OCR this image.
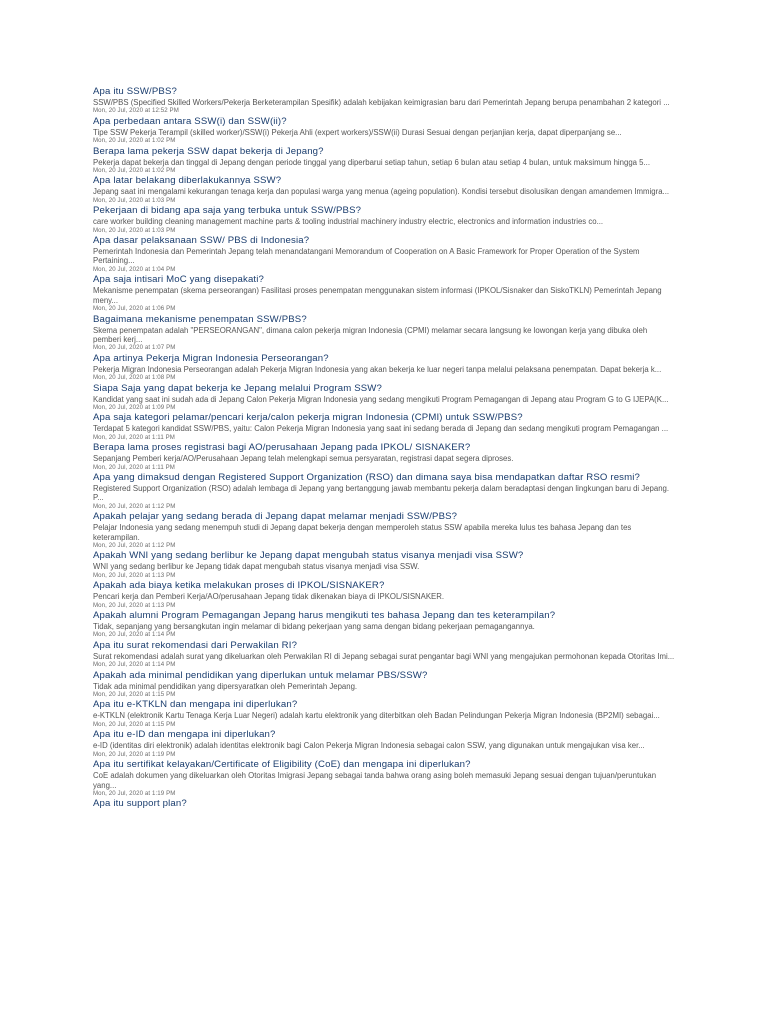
Apa itu SSW/PBS?

SSW/PBS (Specified Skilled Workers/Pekerja Berketerampilan Spesifik) adalah kebijakan keimigrasian baru dari Pemerintah Jepang berupa penambahan 2 kategori ...

Mon, 20 Jul, 2020 at 12:52 PM
Apa perbedaan antara SSW(i) dan SSW(ii)?

Tipe SSW Pekerja Terampil (skilled worker)/SSW(i) Pekerja Ahli (expert workers)/SSW(ii) Durasi Sesuai dengan perjanjian kerja, dapat diperpanjang se...

Mon, 20 Jul, 2020 at 1:02 PM
Berapa lama pekerja SSW dapat bekerja di Jepang?

Pekerja dapat bekerja dan tinggal di Jepang dengan periode tinggal yang diperbarui setiap tahun, setiap 6 bulan atau setiap 4 bulan, untuk maksimum hingga 5...

Mon, 20 Jul, 2020 at 1:02 PM
Apa latar belakang diberlakukannya SSW?

Jepang saat ini mengalami kekurangan tenaga kerja dan populasi warga yang menua (ageing population). Kondisi tersebut disolusikan dengan amandemen Immigra...

Mon, 20 Jul, 2020 at 1:03 PM
Pekerjaan di bidang apa saja yang terbuka untuk SSW/PBS?

care worker building cleaning management machine parts & tooling industrial machinery industry electric, electronics and information industries co...

Mon, 20 Jul, 2020 at 1:03 PM
Apa dasar pelaksanaan SSW/ PBS di Indonesia?

Pemerintah Indonesia dan Pemerintah Jepang telah menandatangani Memorandum of Cooperation on A Basic Framework for Proper Operation of the System Pertaining...

Mon, 20 Jul, 2020 at 1:04 PM
Apa saja intisari MoC yang disepakati?

Mekanisme penempatan (skema perseorangan) Fasilitasi proses penempatan menggunakan sistem informasi (IPKOL/Sisnaker dan SiskoTKLN) Pemerintah Jepang meny...

Mon, 20 Jul, 2020 at 1:06 PM
Bagaimana mekanisme penempatan SSW/PBS?

Skema penempatan adalah "PERSEORANGAN", dimana calon pekerja migran Indonesia (CPMI) melamar secara langsung ke lowongan kerja yang dibuka oleh pemberi kerj...

Mon, 20 Jul, 2020 at 1:07 PM
Apa artinya Pekerja Migran Indonesia Perseorangan?

Pekerja Migran Indonesia Perseorangan adalah Pekerja Migran Indonesia yang akan bekerja ke luar negeri tanpa melalui pelaksana penempatan. Dapat bekerja k...

Mon, 20 Jul, 2020 at 1:08 PM
Siapa Saja yang dapat bekerja ke Jepang melalui Program SSW?

Kandidat yang saat ini sudah ada di Jepang Calon Pekerja Migran Indonesia yang sedang mengikuti Program Pemagangan di Jepang atau Program G to G IJEPA(K...

Mon, 20 Jul, 2020 at 1:09 PM
Apa saja kategori pelamar/pencari kerja/calon pekerja migran Indonesia (CPMI) untuk SSW/PBS?

Terdapat 5 kategori kandidat SSW/PBS, yaitu: Calon Pekerja Migran Indonesia yang saat ini sedang berada di Jepang dan sedang mengikuti program Pemagangan ...

Mon, 20 Jul, 2020 at 1:11 PM
Berapa lama proses registrasi bagi AO/perusahaan Jepang pada IPKOL/ SISNAKER?

Sepanjang Pemberi kerja/AO/Perusahaan Jepang telah melengkapi semua persyaratan, registrasi dapat segera diproses.

Mon, 20 Jul, 2020 at 1:11 PM
Apa yang dimaksud dengan Registered Support Organization (RSO) dan dimana saya bisa mendapatkan daftar RSO resmi?

Registered Support Organization (RSO) adalah lembaga di Jepang yang bertanggung jawab membantu pekerja dalam beradaptasi dengan lingkungan baru di Jepang. P...

Mon, 20 Jul, 2020 at 1:12 PM
Apakah pelajar yang sedang berada di Jepang dapat melamar menjadi SSW/PBS?

Pelajar Indonesia yang sedang menempuh studi di Jepang dapat bekerja dengan memperoleh status SSW apabila mereka lulus tes bahasa Jepang dan tes keterampilan.

Mon, 20 Jul, 2020 at 1:12 PM
Apakah WNI yang sedang berlibur ke Jepang dapat mengubah status visanya menjadi visa SSW?

WNI yang sedang berlibur ke Jepang tidak dapat mengubah status visanya menjadi visa SSW.

Mon, 20 Jul, 2020 at 1:13 PM
Apakah ada biaya ketika melakukan proses di IPKOL/SISNAKER?

Pencari kerja dan Pemberi Kerja/AO/perusahaan Jepang tidak dikenakan biaya di IPKOL/SISNAKER.

Mon, 20 Jul, 2020 at 1:13 PM
Apakah alumni Program Pemagangan Jepang harus mengikuti tes bahasa Jepang dan tes keterampilan?

Tidak, sepanjang yang bersangkutan ingin melamar di bidang pekerjaan yang sama dengan bidang pekerjaan pemagangannya.

Mon, 20 Jul, 2020 at 1:14 PM
Apa itu surat rekomendasi dari Perwakilan RI?

Surat rekomendasi adalah surat yang dikeluarkan oleh Perwakilan RI di Jepang sebagai surat pengantar bagi WNI yang mengajukan permohonan kepada Otoritas Imi...

Mon, 20 Jul, 2020 at 1:14 PM
Apakah ada minimal pendidikan yang diperlukan untuk melamar PBS/SSW?

Tidak ada minimal pendidikan yang dipersyaratkan oleh Pemerintah Jepang.

Mon, 20 Jul, 2020 at 1:15 PM
Apa itu e-KTKLN dan mengapa ini diperlukan?

e-KTKLN (elektronik Kartu Tenaga Kerja Luar Negeri) adalah kartu elektronik yang diterbitkan oleh Badan Pelindungan Pekerja Migran Indonesia (BP2MI) sebagai...

Mon, 20 Jul, 2020 at 1:15 PM
Apa itu e-ID dan mengapa ini diperlukan?

e-ID (identitas diri elektronik) adalah identitas elektronik bagi Calon Pekerja Migran Indonesia sebagai calon SSW, yang digunakan untuk mengajukan visa ker...

Mon, 20 Jul, 2020 at 1:19 PM
Apa itu sertifikat kelayakan/Certificate of Eligibility (CoE) dan mengapa ini diperlukan?

CoE adalah dokumen yang dikeluarkan oleh Otoritas Imigrasi Jepang sebagai tanda bahwa orang asing boleh memasuki Jepang sesuai dengan tujuan/peruntukan yang...

Mon, 20 Jul, 2020 at 1:19 PM
Apa itu support plan?
